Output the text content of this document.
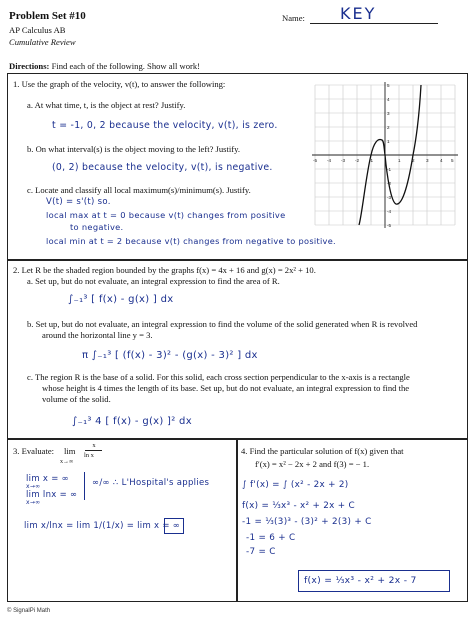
Problem Set #10
AP Calculus AB
Cumulative Review
Name: KEY
Directions: Find each of the following. Show all work!
1. Use the graph of the velocity, v(t), to answer the following:
a. At what time, t, is the object at rest? Justify.
t = -1, 0, 2 because the velocity, v(t), is zero.
b. On what interval(s) is the object moving to the left? Justify.
(0, 2) because the velocity, v(t), is negative.
c. Locate and classify all local maximum(s)/minimum(s). Justify.
V(t) = s'(t) so.
local max at t = 0 because v(t) changes from positive
to negative.
local min at t = 2 because v(t) changes from negative to positive.
-5 -4 -3 -2 -1	1 2 3 4 5
5
4
3
2
1
-1
-2
-3
-4
-5
2. Let R be the shaded region bounded by the graphs f(x) = 4x + 16 and g(x) = 2x² + 10.
a. Set up, but do not evaluate, an integral expression to find the area of R.
∫₋₁³ [ f(x) - g(x) ] dx
b. Set up, but do not evaluate, an integral expression to find the volume of the solid generated when R is revolved
around the horizontal line y = 3.
π ∫₋₁³ [ (f(x) - 3)² - (g(x) - 3)² ] dx
c. The region R is the base of a solid. For this solid, each cross section perpendicular to the x-axis is a rectangle
whose height is 4 times the length of its base. Set up, but do not evaluate, an integral expression to find the
volume of the solid.
∫₋₁³ 4 [ f(x) - g(x) ]² dx
3. Evaluate: lim
x→∞
x
ln x
lim x = ∞
x→∞
lim lnx = ∞
x→∞
∞/∞ ∴ L'Hospital's applies
lim x/lnx = lim 1/(1/x) = lim x = ∞
4. Find the particular solution of f(x) given that
f′(x) = x² − 2x + 2 and f(3) = − 1.
∫ f'(x) = ∫ (x² - 2x + 2)
f(x) = ⅓x³ - x² + 2x + C
-1 = ⅓(3)³ - (3)² + 2(3) + C
-1 = 6 + C
-7 = C
f(x) = ⅓x³ - x² + 2x - 7
© SignalPi Math
